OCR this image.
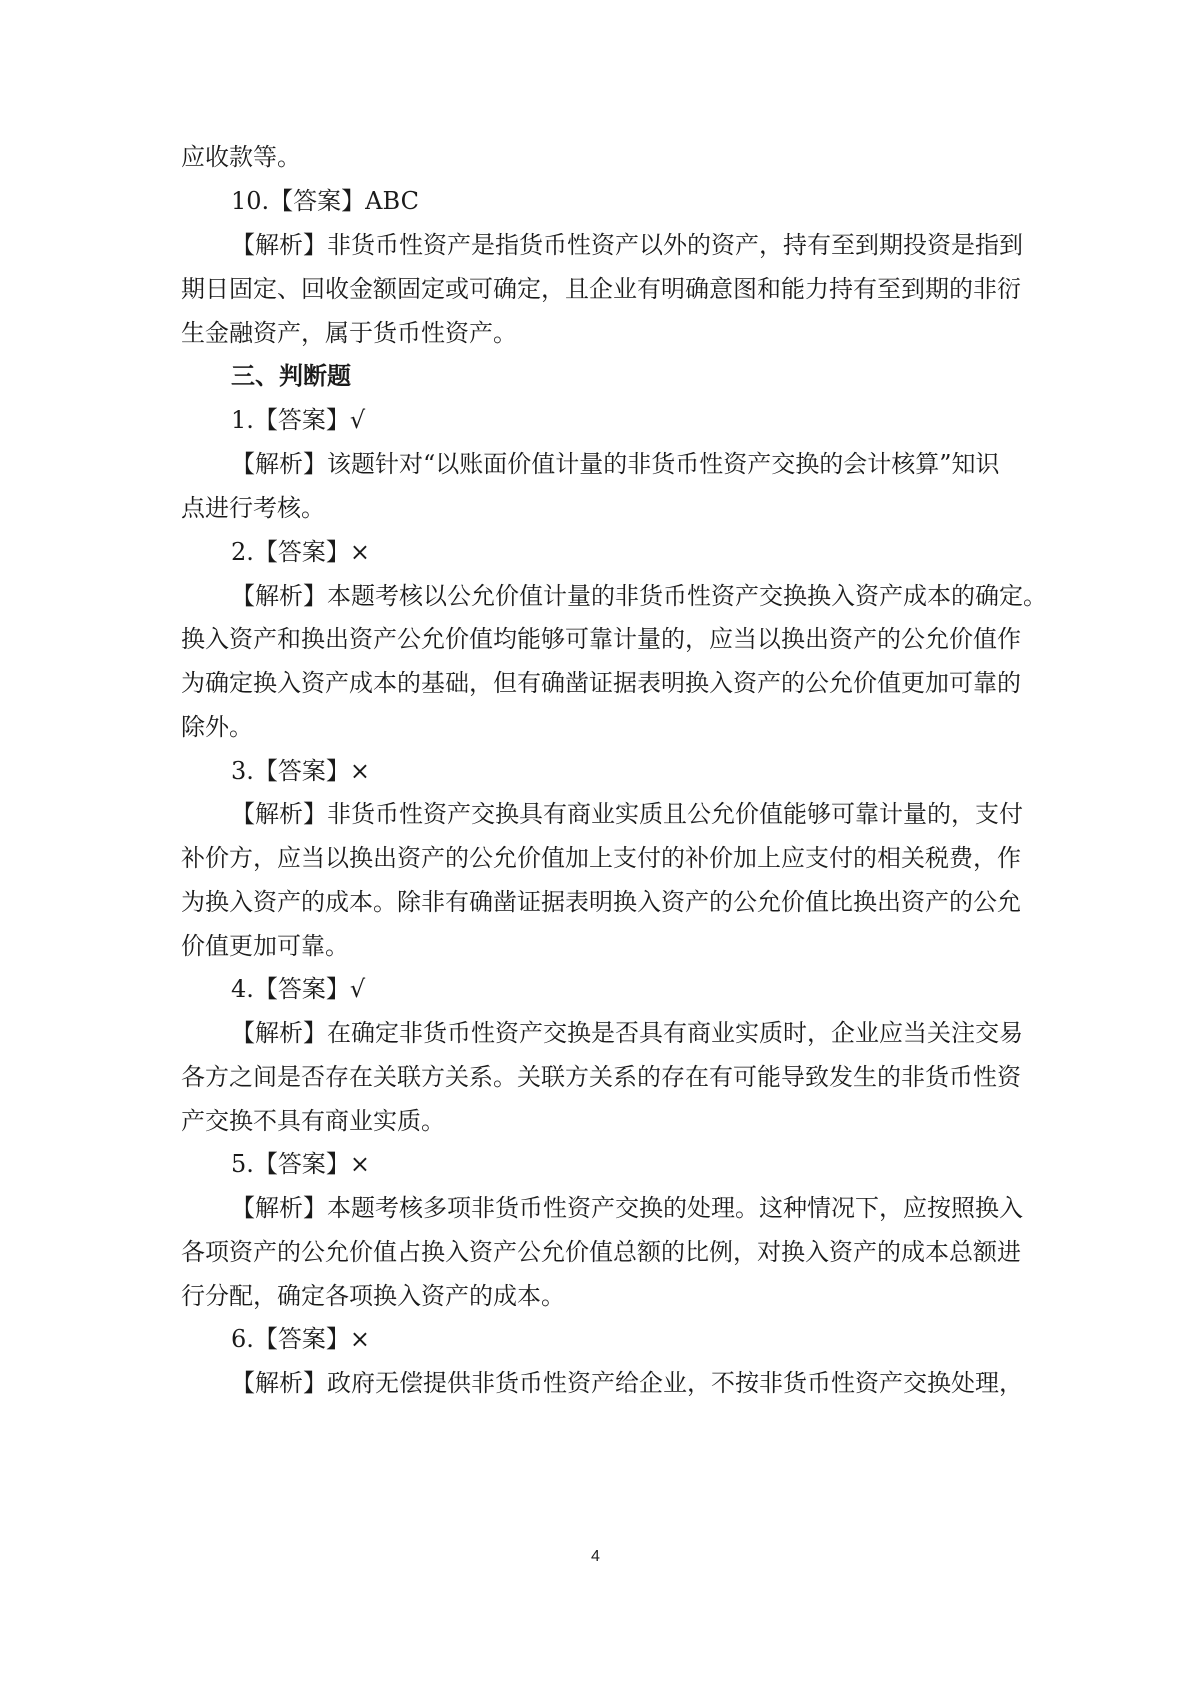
应收款等。
10.【答案】ABC
【解析】非货币性资产是指货币性资产以外的资产，持有至到期投资是指到
期日固定、回收金额固定或可确定，且企业有明确意图和能力持有至到期的非衍
生金融资产，属于货币性资产。
三、判断题
1.【答案】√
【解析】该题针对“以账面价值计量的非货币性资产交换的会计核算”知识
点进行考核。
2.【答案】×
【解析】本题考核以公允价值计量的非货币性资产交换换入资产成本的确定。
换入资产和换出资产公允价值均能够可靠计量的，应当以换出资产的公允价值作
为确定换入资产成本的基础，但有确凿证据表明换入资产的公允价值更加可靠的
除外。
3.【答案】×
【解析】非货币性资产交换具有商业实质且公允价值能够可靠计量的，支付
补价方，应当以换出资产的公允价值加上支付的补价加上应支付的相关税费，作
为换入资产的成本。除非有确凿证据表明换入资产的公允价值比换出资产的公允
价值更加可靠。
4.【答案】√
【解析】在确定非货币性资产交换是否具有商业实质时，企业应当关注交易
各方之间是否存在关联方关系。关联方关系的存在有可能导致发生的非货币性资
产交换不具有商业实质。
5.【答案】×
【解析】本题考核多项非货币性资产交换的处理。这种情况下，应按照换入
各项资产的公允价值占换入资产公允价值总额的比例，对换入资产的成本总额进
行分配，确定各项换入资产的成本。
6.【答案】×
【解析】政府无偿提供非货币性资产给企业，不按非货币性资产交换处理，
4
